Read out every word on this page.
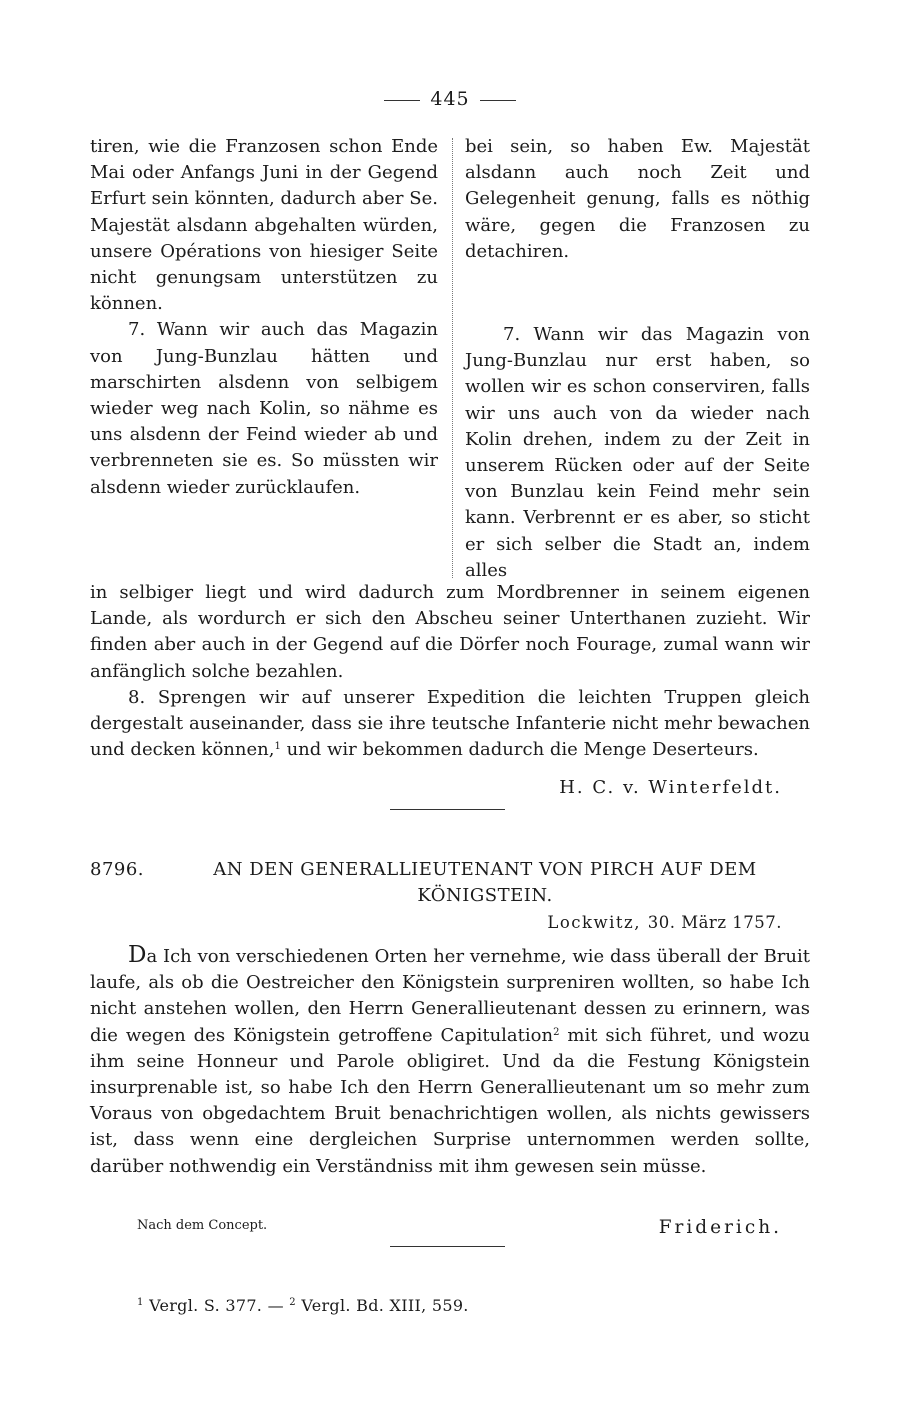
445

tiren, wie die Franzosen schon Ende Mai oder Anfangs Juni in der Gegend Erfurt sein könnten, dadurch aber Se. Majestät alsdann abgehalten würden, unsere Opérations von hiesiger Seite nicht genungsam unterstützen zu können.

7. Wann wir auch das Magazin von Jung-Bunzlau hätten und marschirten alsdenn von selbigem wieder weg nach Kolin, so nähme es uns alsdenn der Feind wieder ab und verbrenneten sie es. So müssten wir alsdenn wieder zurücklaufen.

bei sein, so haben Ew. Majestät alsdann auch noch Zeit und Gelegenheit genung, falls es nöthig wäre, gegen die Franzosen zu detachiren.

7. Wann wir das Magazin von Jung-Bunzlau nur erst haben, so wollen wir es schon conserviren, falls wir uns auch von da wieder nach Kolin drehen, indem zu der Zeit in unserem Rücken oder auf der Seite von Bunzlau kein Feind mehr sein kann. Verbrennt er es aber, so sticht er sich selber die Stadt an, indem alles

in selbiger liegt und wird dadurch zum Mordbrenner in seinem eigenen Lande, als wordurch er sich den Abscheu seiner Unterthanen zuzieht. Wir finden aber auch in der Gegend auf die Dörfer noch Fourage, zumal wann wir anfänglich solche bezahlen.

8. Sprengen wir auf unserer Expedition die leichten Truppen gleich dergestalt auseinander, dass sie ihre teutsche Infanterie nicht mehr bewachen und decken können,$^1$ und wir bekommen dadurch die Menge Deserteurs.

H. C. v. Winterfeldt.
8796.	AN DEN GENERALLIEUTENANT VON PIRCH AUF DEM KÖNIGSTEIN.
Lockwitz, 30. März 1757.

Da Ich von verschiedenen Orten her vernehme, wie dass überall der Bruit laufe, als ob die Oestreicher den Königstein surpreniren wollten, so habe Ich nicht anstehen wollen, den Herrn Generallieutenant dessen zu erinnern, was die wegen des Königstein getroffene Capitulation$^2$ mit sich führet, und wozu ihm seine Honneur und Parole obligiret. Und da die Festung Königstein insurprenable ist, so habe Ich den Herrn Generallieutenant um so mehr zum Voraus von obgedachtem Bruit benachrichtigen wollen, als nichts gewissers ist, dass wenn eine dergleichen Surprise unternommen werden sollte, darüber nothwendig ein Verständniss mit ihm gewesen sein müsse.

Nach dem Concept.	Friderich.
$^1$ Vergl. S. 377. — $^2$ Vergl. Bd. XIII, 559.
